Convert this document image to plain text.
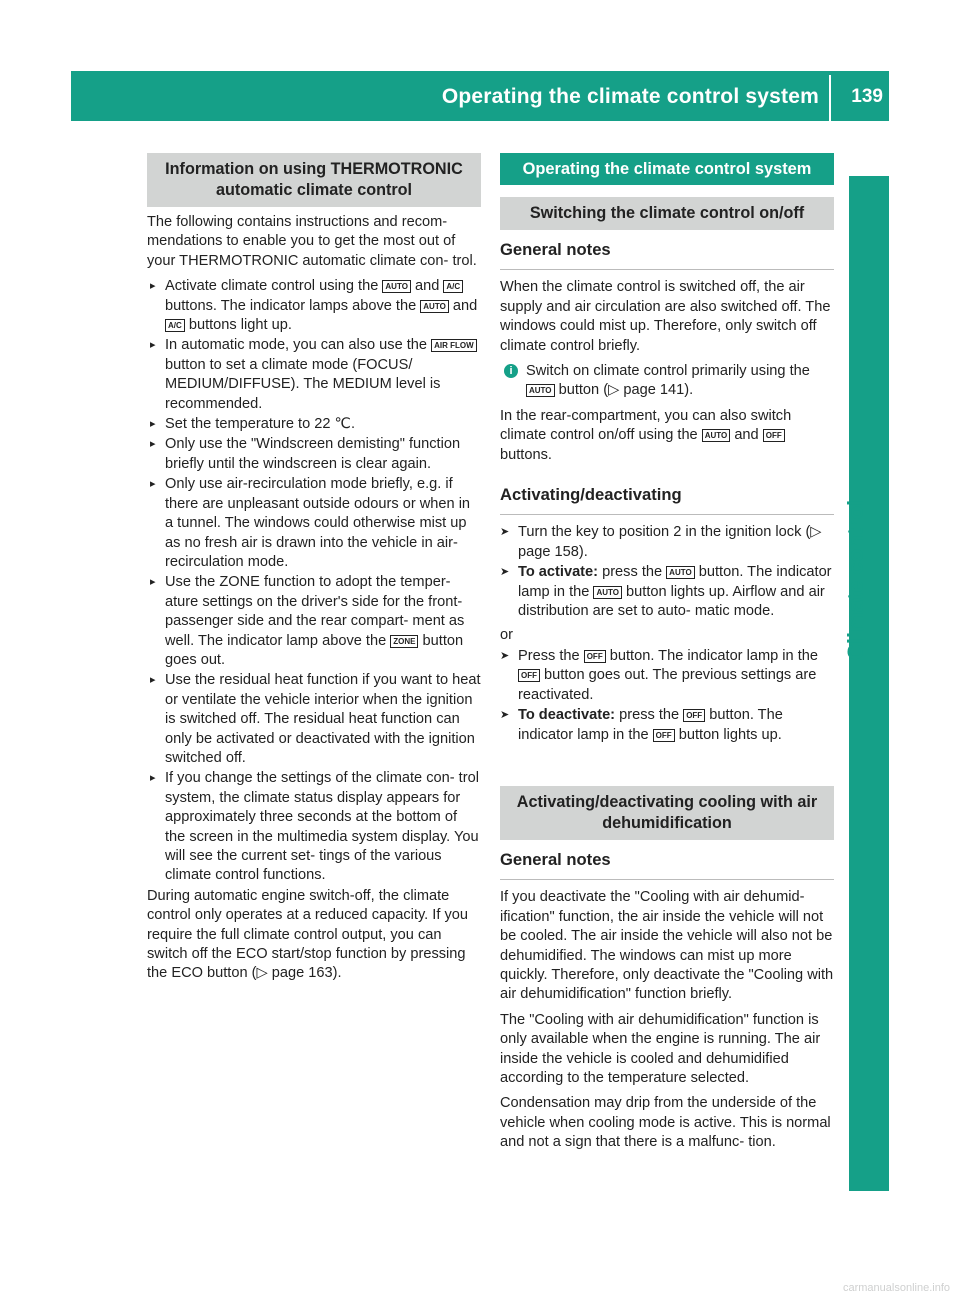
Operating the climate control system 139
Climate control
Information on using THERMOTRONIC automatic climate control

The following contains instructions and recom- mendations to enable you to get the most out of your THERMOTRONIC automatic climate con- trol.

▸ Activate climate control using the AUTO and A/C buttons. The indicator lamps above the AUTO and A/C buttons light up.
▸ In automatic mode, you can also use the AIR FLOW button to set a climate mode (FOCUS/ MEDIUM/DIFFUSE). The MEDIUM level is recommended.
▸ Set the temperature to 22 ℃.
▸ Only use the "Windscreen demisting" function briefly until the windscreen is clear again.
▸ Only use air-recirculation mode briefly, e.g. if there are unpleasant outside odours or when in a tunnel. The windows could otherwise mist up as no fresh air is drawn into the vehicle in air-recirculation mode.
▸ Use the ZONE function to adopt the temper- ature settings on the driver's side for the front-passenger side and the rear compart- ment as well. The indicator lamp above the ZONE button goes out.
▸ Use the residual heat function if you want to heat or ventilate the vehicle interior when the ignition is switched off. The residual heat function can only be activated or deactivated with the ignition switched off.
▸ If you change the settings of the climate con- trol system, the climate status display appears for approximately three seconds at the bottom of the screen in the multimedia system display. You will see the current set- tings of the various climate control functions.

During automatic engine switch-off, the climate control only operates at a reduced capacity. If you require the full climate control output, you can switch off the ECO start/stop function by pressing the ECO button (▷ page 163).

Operating the climate control system
Switching the climate control on/off
General notes

When the climate control is switched off, the air supply and air circulation are also switched off. The windows could mist up. Therefore, only switch off climate control briefly.

i Switch on climate control primarily using the AUTO button (▷ page 141).

In the rear-compartment, you can also switch climate control on/off using the AUTO and OFF buttons.

Activating/deactivating
➤ Turn the key to position 2 in the ignition lock (▷ page 158).
➤ To activate: press the AUTO button. The indicator lamp in the AUTO button lights up. Airflow and air distribution are set to auto- matic mode.

or

➤ Press the OFF button. The indicator lamp in the OFF button goes out. The previous settings are reactivated.
➤ To deactivate: press the OFF button. The indicator lamp in the OFF button lights up.
Activating/deactivating cooling with air dehumidification
General notes

If you deactivate the "Cooling with air dehumid- ification" function, the air inside the vehicle will not be cooled. The air inside the vehicle will also not be dehumidified. The windows can mist up more quickly. Therefore, only deactivate the "Cooling with air dehumidification" function briefly.

The "Cooling with air dehumidification" function is only available when the engine is running. The air inside the vehicle is cooled and dehumidified according to the temperature selected.

Condensation may drip from the underside of the vehicle when cooling mode is active. This is normal and not a sign that there is a malfunc- tion.

carmanualsonline.info
